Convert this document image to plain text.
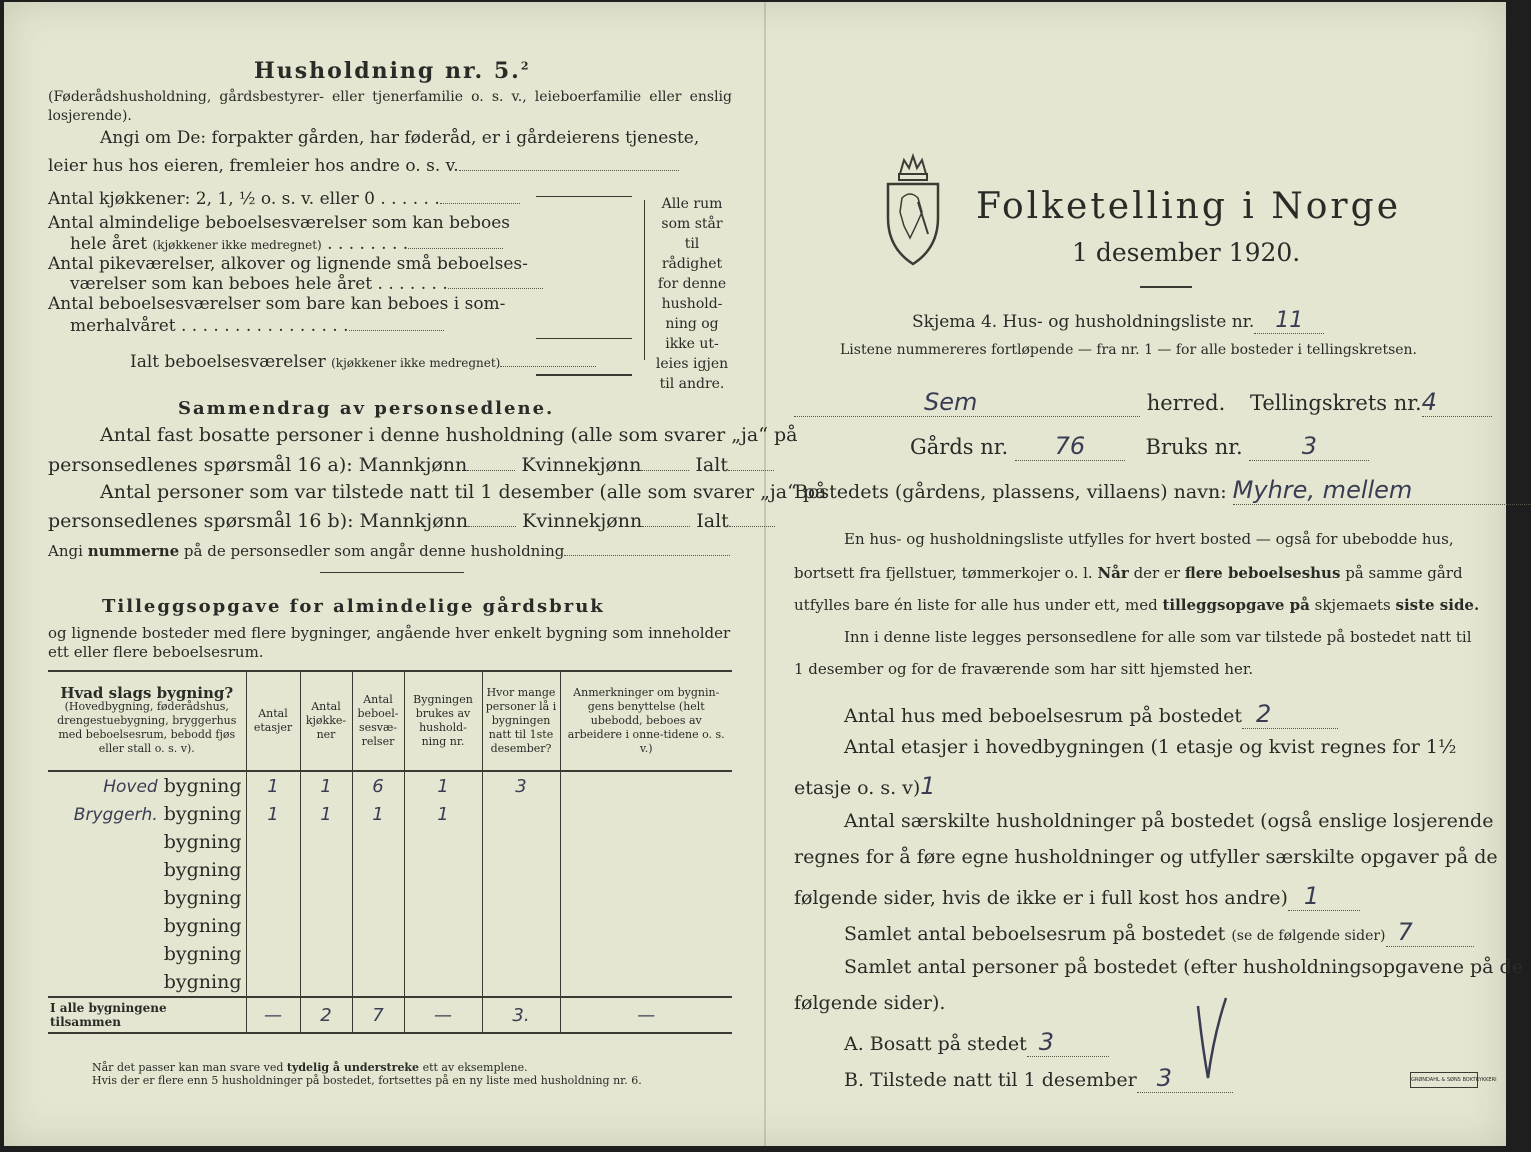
Husholdning nr. 5.$^2$
(Føderådshusholdning, gårdsbestyrer- eller tjenerfamilie o. s. v., leieboerfamilie eller enslig losjerende).
Angi om De: forpakter gården, har føderåd, er i gårdeierens tjeneste,
leier hus hos eieren, fremleier hos andre o. s. v.
Antal kjøkkener: 2, 1, ½ o. s. v. eller 0 . . . . . .
Antal almindelige beboelsesværelser som kan beboes
hele året (kjøkkener ikke medregnet) . . . . . . . .
Antal pikeværelser, alkover og lignende små beboelses-
værelser som kan beboes hele året . . . . . . .
Antal beboelsesværelser som bare kan beboes i som-
merhalvåret . . . . . . . . . . . . . . . .
Ialt beboelsesværelser (kjøkkener ikke medregnet)
Alle rum
som står til
rådighet
for denne
hushold-
ning og
ikke ut-
leies igjen
til andre.
Sammendrag av personsedlene.
Antal fast bosatte personer i denne husholdning (alle som svarer „ja“ på
personsedlenes spørsmål 16 a): Mannkjønn	Kvinnekjønn	Ialt
Antal personer som var tilstede natt til 1 desember (alle som svarer „ja“ på
personsedlenes spørsmål 16 b): Mannkjønn	Kvinnekjønn	Ialt
Angi nummerne på de personsedler som angår denne husholdning
Tilleggsopgave for almindelige gårdsbruk
og lignende bosteder med flere bygninger, angående hver enkelt bygning som inneholder
ett eller flere beboelsesrum.
Hvad slags bygning?
(Hovedbygning, føderådshus, drengestuebygning, bryggerhus med beboelsesrum, bebodd fjøs eller stall o. s. v).	Antal etasjer	Antal kjøkke-ner	Antal beboel-sesvæ-relser	Bygningen brukes av hushold-ning nr.	Hvor mange personer lå i bygningen natt til 1ste desember?	Anmerkninger om bygnin-gens benyttelse (helt ubebodd, beboes av arbeidere i onne-tidene o. s. v.)
Hoved bygning	1	1	6	1	3	
Bryggerh. bygning	1	1	1	1		
bygning						
bygning						
bygning						
bygning						
bygning						
bygning						
I alle bygningene tilsammen	—	2	7	—	3.	—
Når det passer kan man svare ved tydelig å understreke ett av eksemplene.
Hvis der er flere enn 5 husholdninger på bostedet, fortsettes på en ny liste med husholdning nr. 6.
Folketelling i Norge
1 desember 1920.
Skjema 4. Hus- og husholdningsliste nr. 11
Listene nummereres fortløpende — fra nr. 1 — for alle bosteder i tellingskretsen.
Sem	herred. Tellingskrets nr.4
Gårds nr. 76	Bruks nr. 3
Bostedets (gårdens, plassens, villaens) navn: Myhre, mellem
En hus- og husholdningsliste utfylles for hvert bosted — også for ubebodde hus,
bortsett fra fjellstuer, tømmerkojer o. l. Når der er flere beboelseshus på samme gård
utfylles bare én liste for alle hus under ett, med tilleggsopgave på skjemaets siste side.
Inn i denne liste legges personsedlene for alle som var tilstede på bostedet natt til
1 desember og for de fraværende som har sitt hjemsted her.
Antal hus med beboelsesrum på bostedet 2
Antal etasjer i hovedbygningen (1 etasje og kvist regnes for 1½
etasje o. s. v)1
Antal særskilte husholdninger på bostedet (også enslige losjerende
regnes for å føre egne husholdninger og utfyller særskilte opgaver på de
følgende sider, hvis de ikke er i full kost hos andre) 1
Samlet antal beboelsesrum på bostedet (se de følgende sider) 7
Samlet antal personer på bostedet (efter husholdningsopgavene på de
følgende sider).
A. Bosatt på stedet 3
B. Tilstede natt til 1 desember 3	GRØNDAHL & SØNS BOKTRYKKERI
